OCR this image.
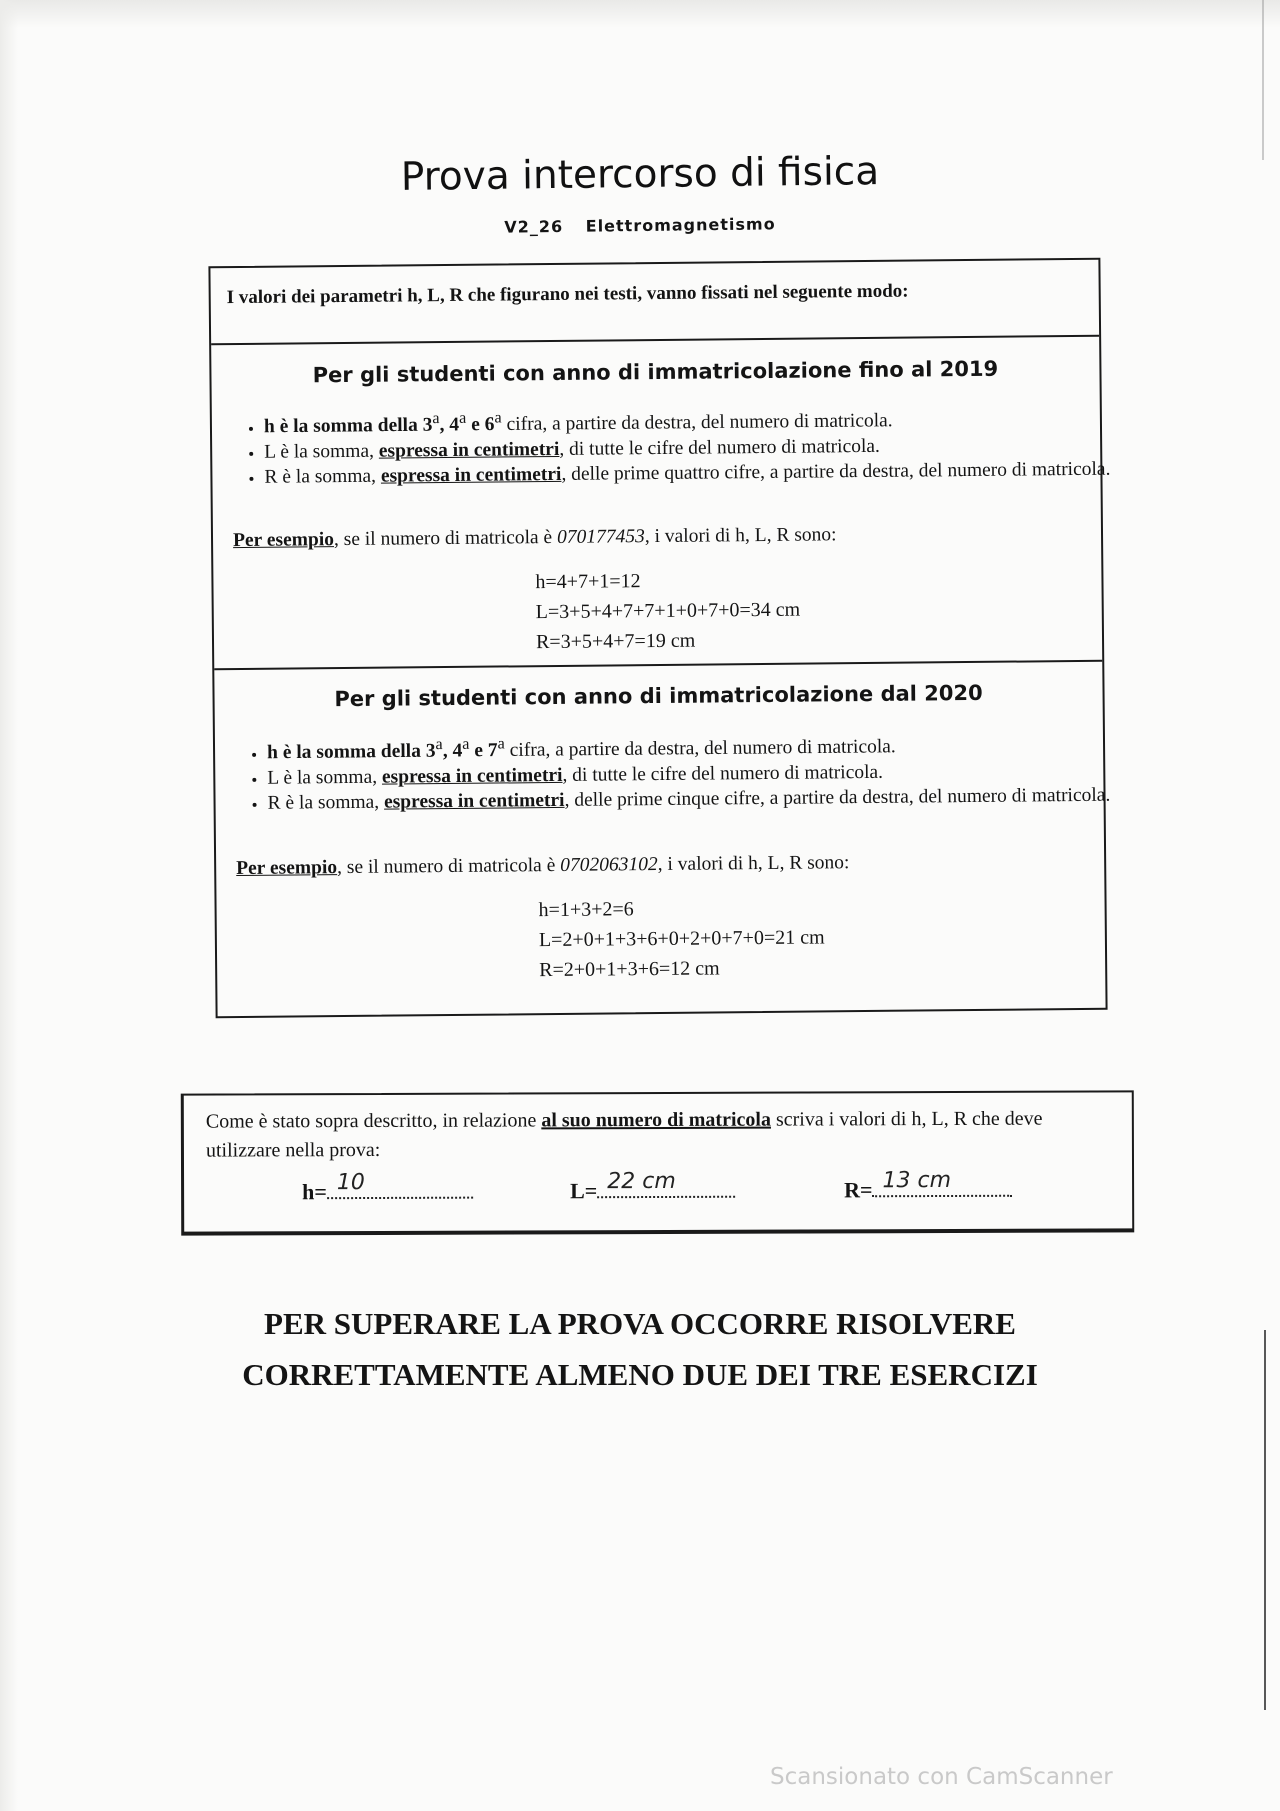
Prova intercorso di fisica
V2_26 Elettromagnetismo
I valori dei parametri h, L, R che figurano nei testi, vanno fissati nel seguente modo:
Per gli studenti con anno di immatricolazione fino al 2019
• h è la somma della 3$^a$, 4$^a$ e 6$^a$ cifra, a partire da destra, del numero di matricola.
• L è la somma, espressa in centimetri, di tutte le cifre del numero di matricola.
• R è la somma, espressa in centimetri, delle prime quattro cifre, a partire da destra, del numero di matricola.
Per esempio, se il numero di matricola è 070177453, i valori di h, L, R sono:
h=4+7+1=12
L=3+5+4+7+7+1+0+7+0=34 cm
R=3+5+4+7=19 cm
Per gli studenti con anno di immatricolazione dal 2020
• h è la somma della 3$^a$, 4$^a$ e 7$^a$ cifra, a partire da destra, del numero di matricola.
• L è la somma, espressa in centimetri, di tutte le cifre del numero di matricola.
• R è la somma, espressa in centimetri, delle prime cinque cifre, a partire da destra, del numero di matricola.
Per esempio, se il numero di matricola è 0702063102, i valori di h, L, R sono:
h=1+3+2=6
L=2+0+1+3+6+0+2+0+7+0=21 cm
R=2+0+1+3+6=12 cm
Come è stato sopra descritto, in relazione al suo numero di matricola scriva i valori di h, L, R che deve utilizzare nella prova:
h= 10	L= 22 cm	R= 13 cm
PER SUPERARE LA PROVA OCCORRE RISOLVERE
CORRETTAMENTE ALMENO DUE DEI TRE ESERCIZI
Scansionato con CamScanner
